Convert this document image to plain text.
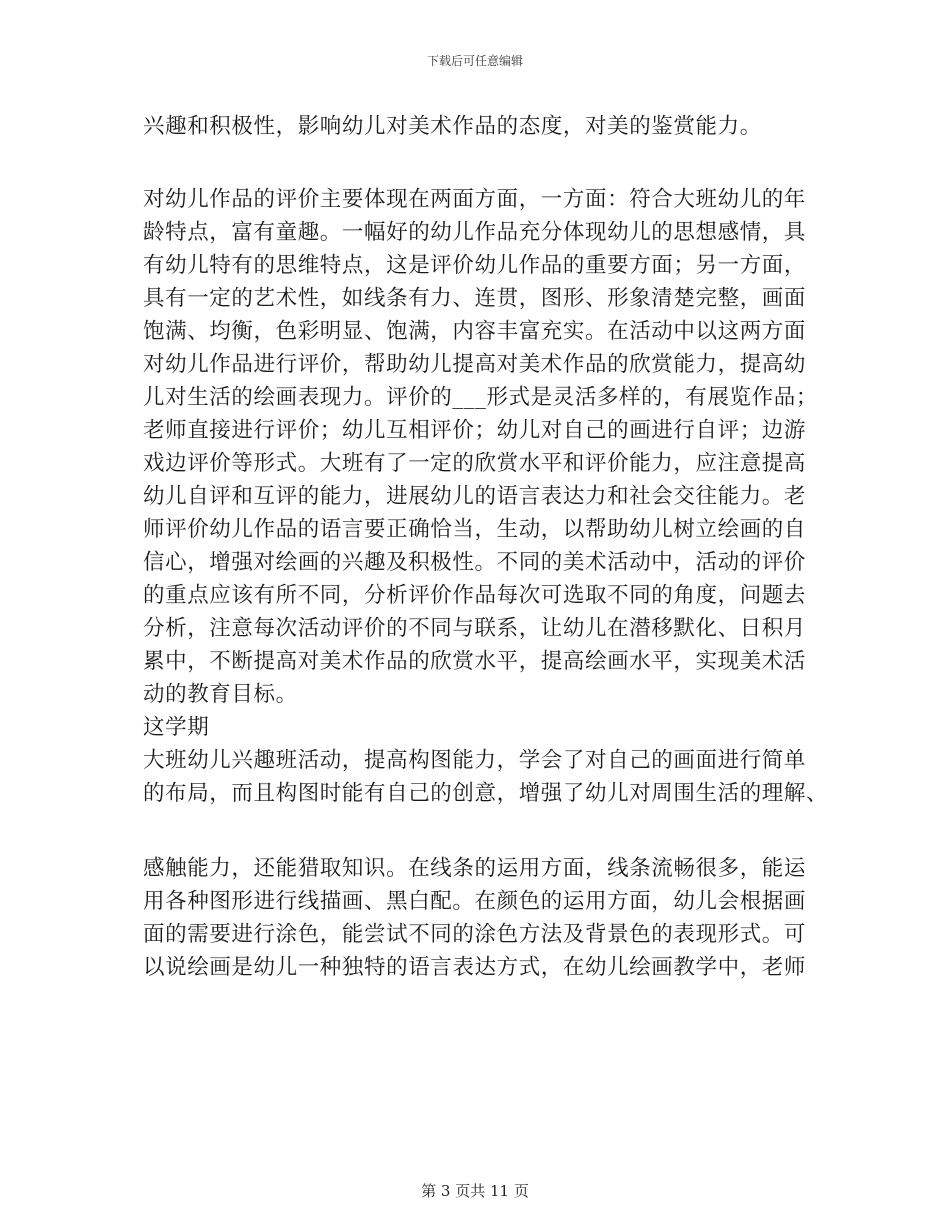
下载后可任意编辑
兴趣和积极性，影响幼儿对美术作品的态度，对美的鉴赏能力。
对幼儿作品的评价主要体现在两面方面，一方面：符合大班幼儿的年
龄特点，富有童趣。一幅好的幼儿作品充分体现幼儿的思想感情，具
有幼儿特有的思维特点，这是评价幼儿作品的重要方面；另一方面，
具有一定的艺术性，如线条有力、连贯，图形、形象清楚完整，画面
饱满、均衡，色彩明显、饱满，内容丰富充实。在活动中以这两方面
对幼儿作品进行评价，帮助幼儿提高对美术作品的欣赏能力，提高幼
儿对生活的绘画表现力。评价的___形式是灵活多样的，有展览作品；
老师直接进行评价；幼儿互相评价；幼儿对自己的画进行自评；边游
戏边评价等形式。大班有了一定的欣赏水平和评价能力，应注意提高
幼儿自评和互评的能力，进展幼儿的语言表达力和社会交往能力。老
师评价幼儿作品的语言要正确恰当，生动，以帮助幼儿树立绘画的自
信心，增强对绘画的兴趣及积极性。不同的美术活动中，活动的评价
的重点应该有所不同，分析评价作品每次可选取不同的角度，问题去
分析，注意每次活动评价的不同与联系，让幼儿在潜移默化、日积月
累中，不断提高对美术作品的欣赏水平，提高绘画水平，实现美术活
动的教育目标。
这学期
大班幼儿兴趣班活动，提高构图能力，学会了对自己的画面进行简单
的布局，而且构图时能有自己的创意，增强了幼儿对周围生活的理解、
感触能力，还能猎取知识。在线条的运用方面，线条流畅很多，能运
用各种图形进行线描画、黑白配。在颜色的运用方面，幼儿会根据画
面的需要进行涂色，能尝试不同的涂色方法及背景色的表现形式。可
以说绘画是幼儿一种独特的语言表达方式，在幼儿绘画教学中，老师
第 3 页共 11 页
